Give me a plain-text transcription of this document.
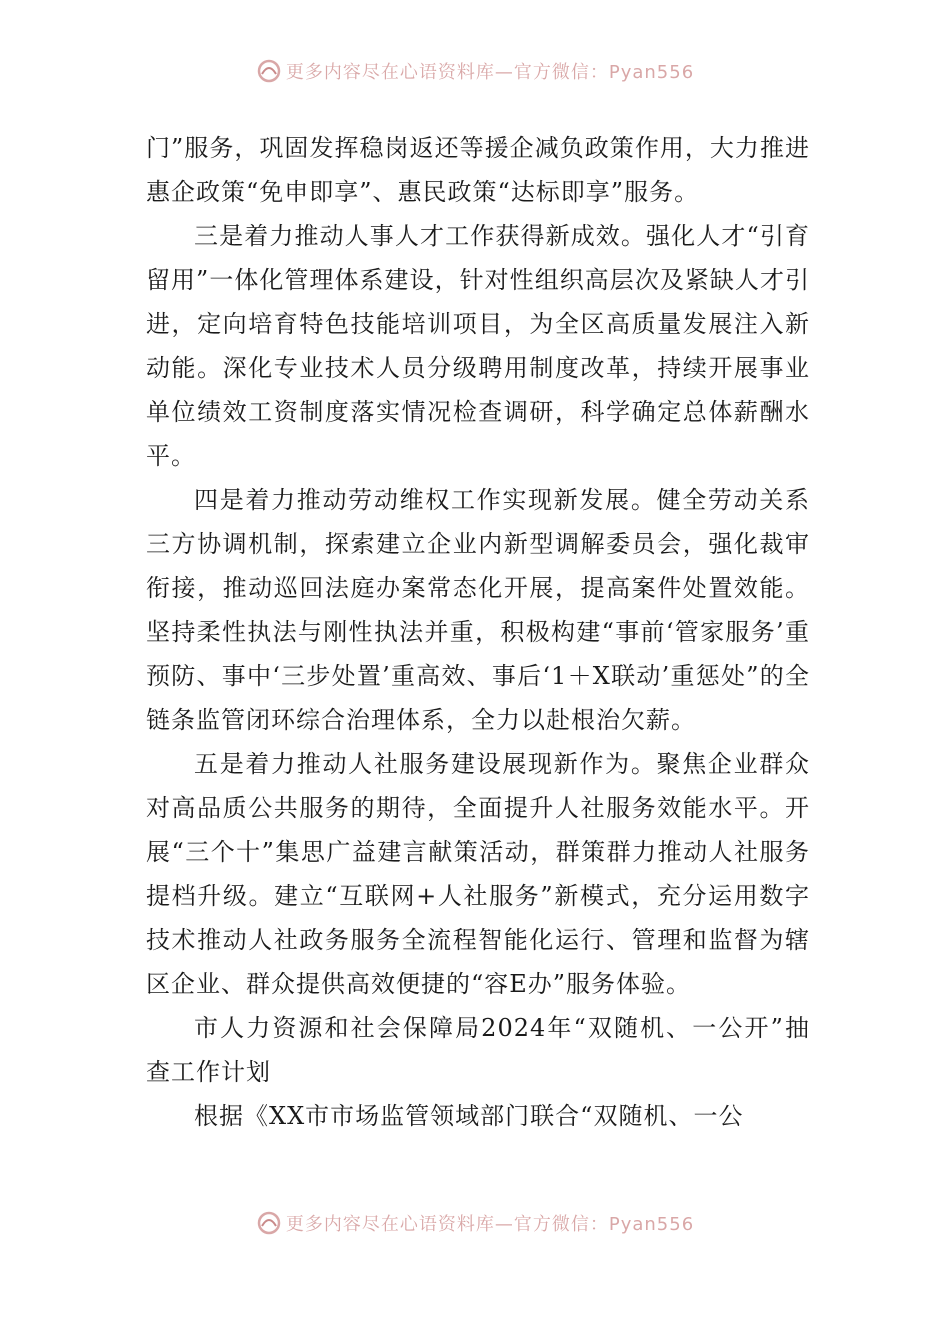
更多内容尽在心语资料库—官方微信：Pyan556

门”服务，巩固发挥稳岗返还等援企减负政策作用，大力推进惠企政策“免申即享”、惠民政策“达标即享”服务。

三是着力推动人事人才工作获得新成效。强化人才“引育留用”一体化管理体系建设，针对性组织高层次及紧缺人才引进，定向培育特色技能培训项目，为全区高质量发展注入新动能。深化专业技术人员分级聘用制度改革，持续开展事业单位绩效工资制度落实情况检查调研，科学确定总体薪酬水平。

四是着力推动劳动维权工作实现新发展。健全劳动关系三方协调机制，探索建立企业内新型调解委员会，强化裁审衔接，推动巡回法庭办案常态化开展，提高案件处置效能。坚持柔性执法与刚性执法并重，积极构建“事前‘管家服务’重预防、事中‘三步处置’重高效、事后‘1＋X联动’重惩处”的全链条监管闭环综合治理体系，全力以赴根治欠薪。

五是着力推动人社服务建设展现新作为。聚焦企业群众对高品质公共服务的期待，全面提升人社服务效能水平。开展“三个十”集思广益建言献策活动，群策群力推动人社服务提档升级。建立“互联网+人社服务”新模式，充分运用数字技术推动人社政务服务全流程智能化运行、管理和监督为辖区企业、群众提供高效便捷的“容E办”服务体验。

市人力资源和社会保障局2024年“双随机、一公开”抽查工作计划

根据《XX市市场监管领域部门联合“双随机、一公

更多内容尽在心语资料库—官方微信：Pyan556
